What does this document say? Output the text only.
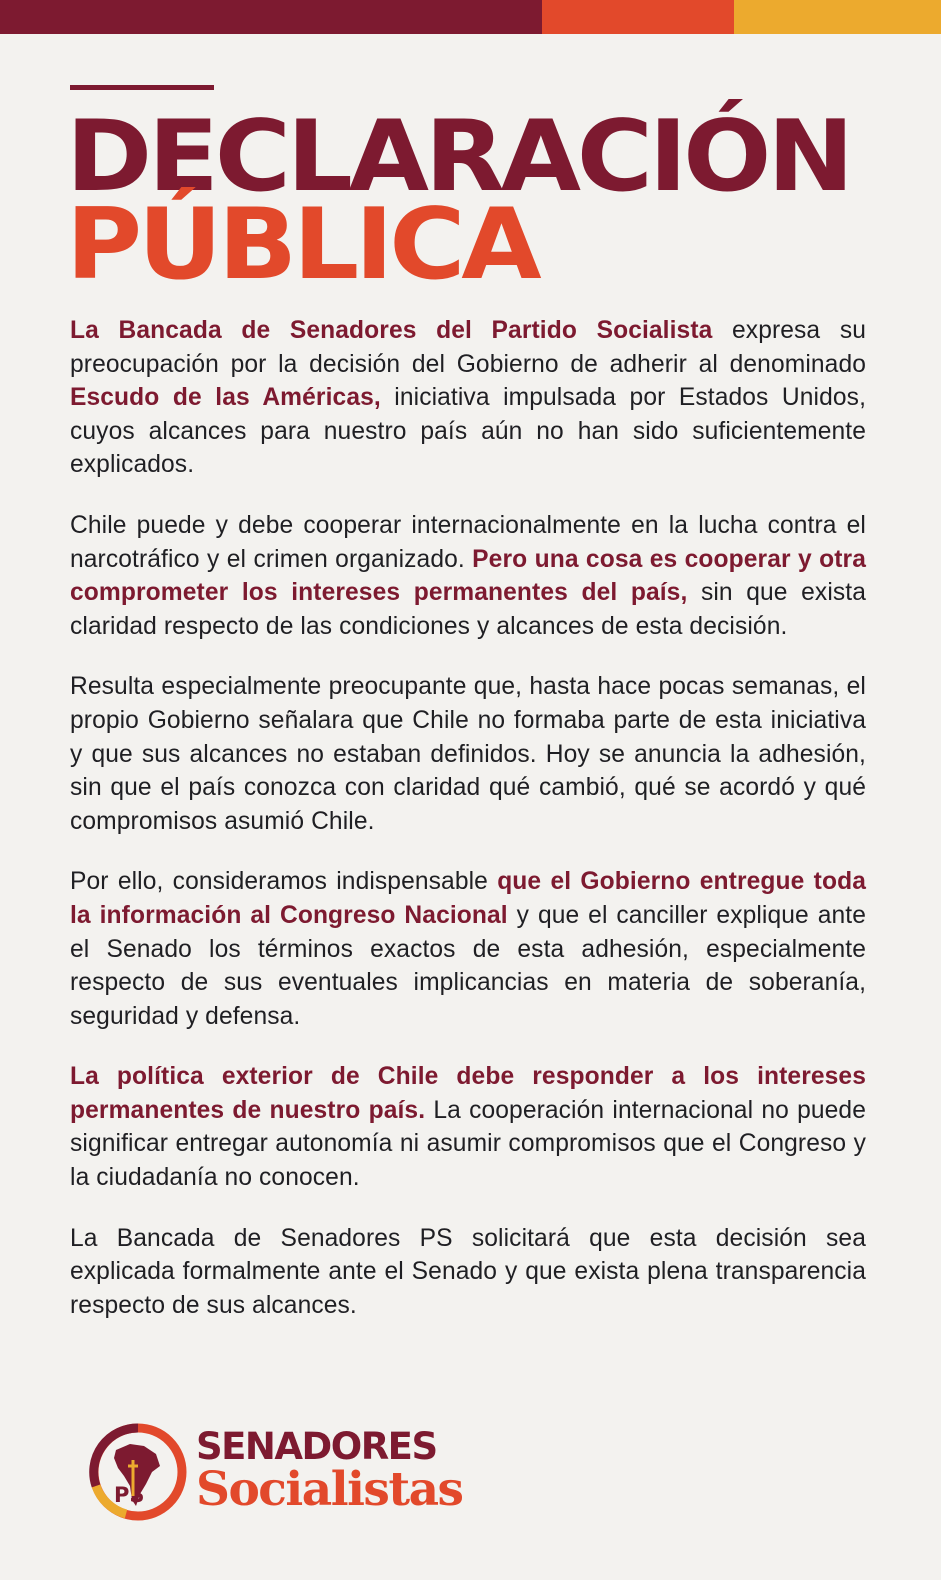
DECLARACIÓN
PÚBLICA

La Bancada de Senadores del Partido Socialista expresa su preocupación por la decisión del Gobierno de adherir al denominado Escudo de las Américas, iniciativa impulsada por Estados Unidos, cuyos alcances para nuestro país aún no han sido suficientemente explicados.

Chile puede y debe cooperar internacionalmente en la lucha contra el narcotráfico y el crimen organizado. Pero una cosa es cooperar y otra comprometer los intereses permanentes del país, sin que exista claridad respecto de las condiciones y alcances de esta decisión.

Resulta especialmente preocupante que, hasta hace pocas semanas, el propio Gobierno señalara que Chile no formaba parte de esta iniciativa y que sus alcances no estaban definidos. Hoy se anuncia la adhesión, sin que el país conozca con claridad qué cambió, qué se acordó y qué compromisos asumió Chile.

Por ello, consideramos indispensable que el Gobierno entregue toda la información al Congreso Nacional y que el canciller explique ante el Senado los términos exactos de esta adhesión, especialmente respecto de sus eventuales implicancias en materia de soberanía, seguridad y defensa.

La política exterior de Chile debe responder a los intereses permanentes de nuestro país. La cooperación internacional no puede significar entregar autonomía ni asumir compromisos que el Congreso y la ciudadanía no conocen.

La Bancada de Senadores PS solicitará que esta decisión sea explicada formalmente ante el Senado y que exista plena transparencia respecto de sus alcances.

PS
SENADORES
Socialistas
